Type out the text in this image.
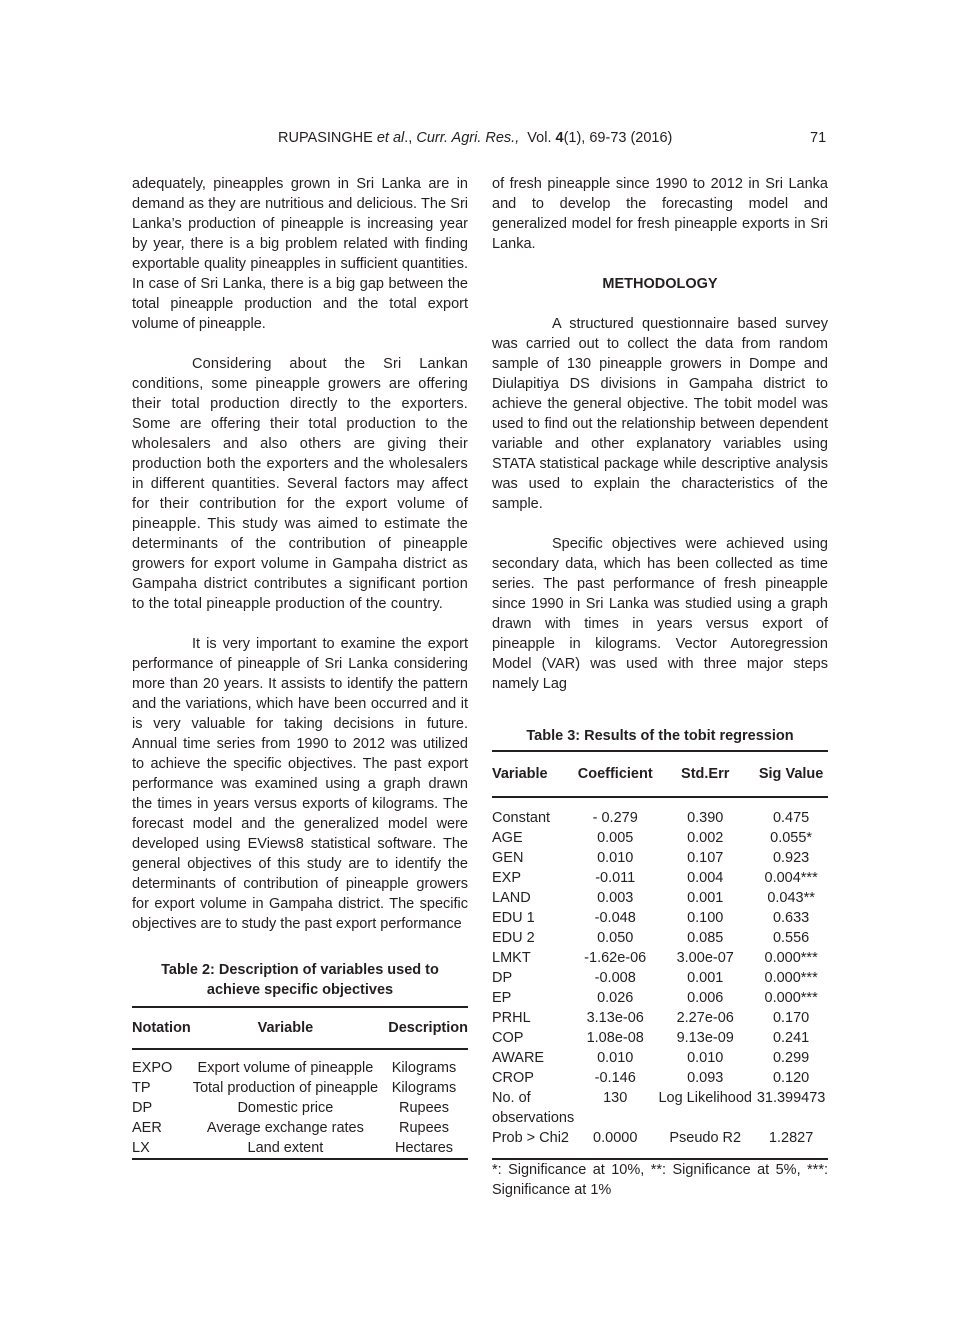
RUPASINGHE et al., Curr. Agri. Res., Vol. 4(1), 69-73 (2016)	71

adequately, pineapples grown in Sri Lanka are in demand as they are nutritious and delicious. The Sri Lanka’s production of pineapple is increasing year by year, there is a big problem related with finding exportable quality pineapples in sufficient quantities. In case of Sri Lanka, there is a big gap between the total pineapple production and the total export volume of pineapple.

Considering about the Sri Lankan conditions, some pineapple growers are offering their total production directly to the exporters. Some are offering their total production to the wholesalers and also others are giving their production both the exporters and the wholesalers in different quantities. Several factors may affect for their contribution for the export volume of pineapple. This study was aimed to estimate the determinants of the contribution of pineapple growers for export volume in Gampaha district as Gampaha district contributes a significant portion to the total pineapple production of the country.

It is very important to examine the export performance of pineapple of Sri Lanka considering more than 20 years. It assists to identify the pattern and the variations, which have been occurred and it is very valuable for taking decisions in future. Annual time series from 1990 to 2012 was utilized to achieve the specific objectives. The past export performance was examined using a graph drawn the times in years versus exports of kilograms. The forecast model and the generalized model were developed using EViews8 statistical software. The general objectives of this study are to identify the determinants of contribution of pineapple growers for export volume in Gampaha district. The specific objectives are to study the past export performance

Table 2: Description of variables used to
achieve specific objectives
Notation	Variable	Description
EXPO	Export volume of pineapple	Kilograms
TP	Total production of pineapple	Kilograms
DP	Domestic price	Rupees
AER	Average exchange rates	Rupees
LX	Land extent	Hectares

of fresh pineapple since 1990 to 2012 in Sri Lanka and to develop the forecasting model and generalized model for fresh pineapple exports in Sri Lanka.

METHODOLOGY

A structured questionnaire based survey was carried out to collect the data from random sample of 130 pineapple growers in Dompe and Diulapitiya DS divisions in Gampaha district to achieve the general objective. The tobit model was used to find out the relationship between dependent variable and other explanatory variables using STATA statistical package while descriptive analysis was used to explain the characteristics of the sample.

Specific objectives were achieved using secondary data, which has been collected as time series. The past performance of fresh pineapple since 1990 in Sri Lanka was studied using a graph drawn with times in years versus export of pineapple in kilograms. Vector Autoregression Model (VAR) was used with three major steps namely Lag

Table 3: Results of the tobit regression
Variable	Coefficient	Std.Err	Sig Value
Constant	- 0.279	0.390	0.475
AGE	0.005	0.002	0.055*
GEN	0.010	0.107	0.923
EXP	-0.011	0.004	0.004***
LAND	0.003	0.001	0.043**
EDU 1	-0.048	0.100	0.633
EDU 2	0.050	0.085	0.556
LMKT	-1.62e-06	3.00e-07	0.000***
DP	-0.008	0.001	0.000***
EP	0.026	0.006	0.000***
PRHL	3.13e-06	2.27e-06	0.170
COP	1.08e-08	9.13e-09	0.241
AWARE	0.010	0.010	0.299
CROP	-0.146	0.093	0.120

No. of
observations	130	Log Likelihood	31.399473
Prob > Chi2	0.0000	Pseudo R2	1.2827

*: Significance at 10%, **: Significance at 5%, ***: Significance at 1%
